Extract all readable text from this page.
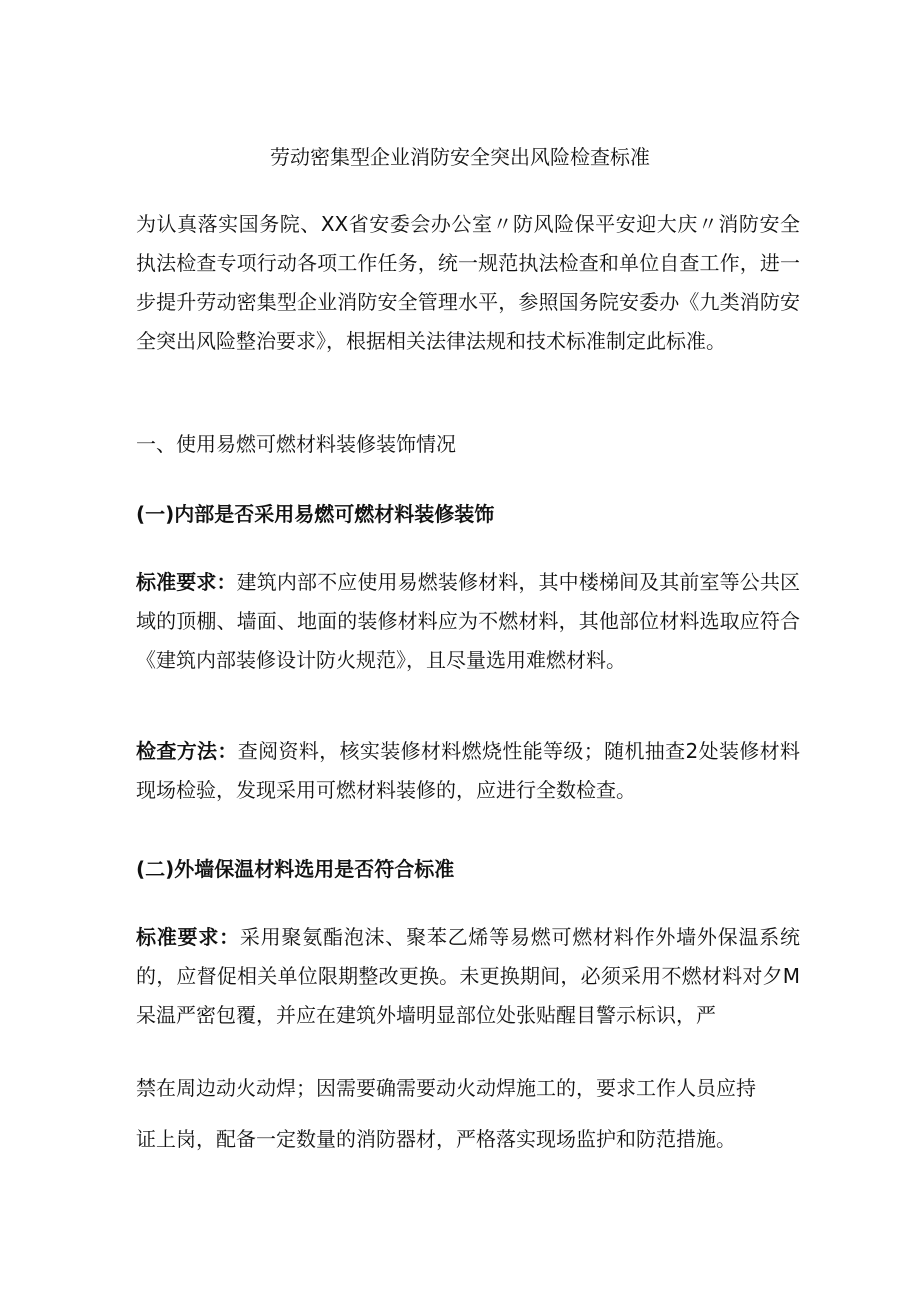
劳动密集型企业消防安全突出风险检查标准

为认真落实国务院、XX省安委会办公室〃防风险保平安迎大庆〃消防安全执法检查专项行动各项工作任务，统一规范执法检查和单位自查工作，进一步提升劳动密集型企业消防安全管理水平，参照国务院安委办《九类消防安全突出风险整治要求》，根据相关法律法规和技术标准制定此标准。

一、使用易燃可燃材料装修装饰情况

(一)内部是否采用易燃可燃材料装修装饰

标准要求：建筑内部不应使用易燃装修材料，其中楼梯间及其前室等公共区域的顶棚、墙面、地面的装修材料应为不燃材料，其他部位材料选取应符合《建筑内部装修设计防火规范》，且尽量选用难燃材料。

检查方法：查阅资料，核实装修材料燃烧性能等级；随机抽查2处装修材料现场检验，发现采用可燃材料装修的，应进行全数检查。

(二)外墙保温材料选用是否符合标准

标准要求：采用聚氨酯泡沫、聚苯乙烯等易燃可燃材料作外墙外保温系统的，应督促相关单位限期整改更换。未更换期间，必须采用不燃材料对夕M呆温严密包覆，并应在建筑外墙明显部位处张贴醒目警示标识，严

禁在周边动火动焊；因需要确需要动火动焊施工的，要求工作人员应持

证上岗，配备一定数量的消防器材，严格落实现场监护和防范措施。
